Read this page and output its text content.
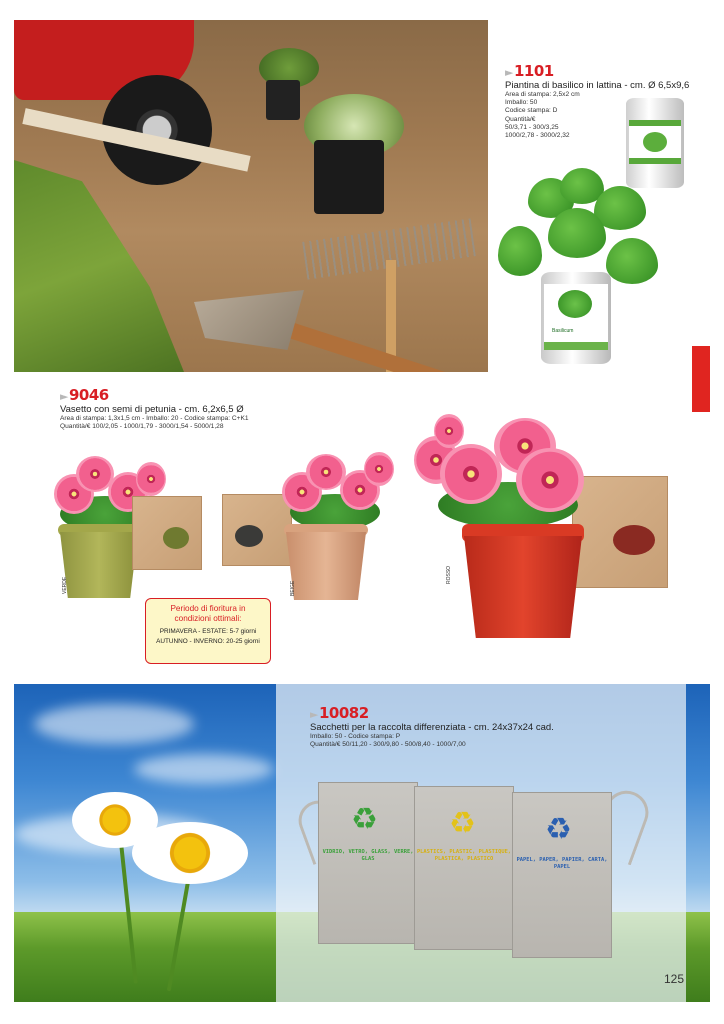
►1101
Piantina di basilico in lattina - cm. Ø 6,5x9,6
Area di stampa: 2,5x2 cm
Imballo: 50
Codice stampa: D
Quantità/€
50/3,71 - 300/3,25
1000/2,78 - 3000/2,32
Basilicum
►9046
Vasetto con semi di petunia - cm. 6,2x6,5 Ø
Area di stampa: 1,3x1,5 cm - Imballo: 20 - Codice stampa: C+K1
Quantità/€ 100/2,05 - 1000/1,79 - 3000/1,54 - 5000/1,28
VERDE	BEIGE
ROSSO
Periodo di fioritura in
condizioni ottimali:
PRIMAVERA - ESTATE: 5-7 giorni
AUTUNNO - INVERNO: 20-25 giorni
►10082
Sacchetti per la raccolta differenziata - cm. 24x37x24 cad.
Imballo: 50 - Codice stampa: P
Quantità/€ 50/11,20 - 300/9,80 - 500/8,40 - 1000/7,00
♻
VIDRIO, VETRO, GLASS, VERRE, GLAS
♻
PLASTICS, PLASTIC, PLASTIQUE, PLASTICA, PLASTICO
♻
PAPEL, PAPER, PAPIER, CARTA, PAPEL
125
